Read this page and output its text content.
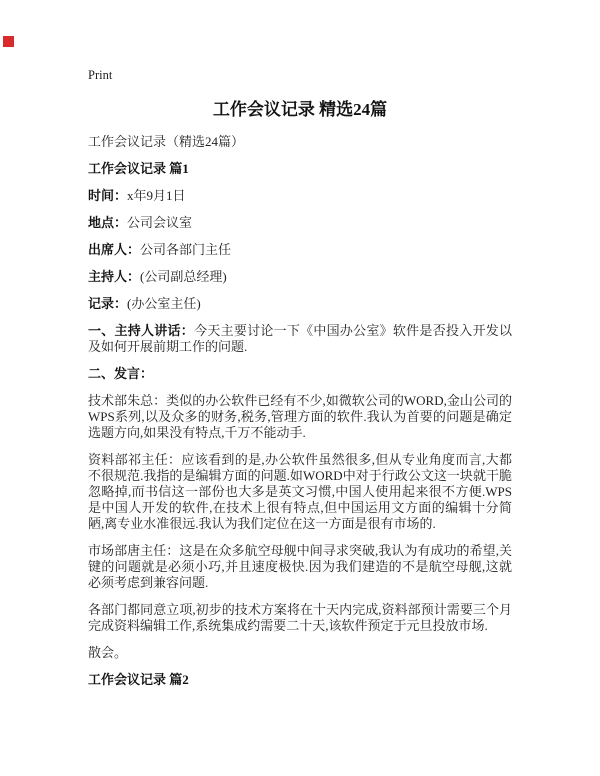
Print
工作会议记录 精选24篇

工作会议记录（精选24篇）

工作会议记录 篇1

时间：x年9月1日

地点：公司会议室

出席人：公司各部门主任

主持人：(公司副总经理)

记录：(办公室主任)

一、主持人讲话：今天主要讨论一下《中国办公室》软件是否投入开发以及如何开展前期工作的问题.

二、发言：

技术部朱总：类似的办公软件已经有不少,如微软公司的WORD,金山公司的WPS系列,以及众多的财务,税务,管理方面的软件.我认为首要的问题是确定选题方向,如果没有特点,千万不能动手.

资料部祁主任：应该看到的是,办公软件虽然很多,但从专业角度而言,大都不很规范.我指的是编辑方面的问题.如WORD中对于行政公文这一块就干脆忽略掉,而书信这一部份也大多是英文习惯,中国人使用起来很不方便.WPS是中国人开发的软件,在技术上很有特点,但中国运用文方面的编辑十分简陋,离专业水准很远.我认为我们定位在这一方面是很有市场的.

市场部唐主任：这是在众多航空母舰中间寻求突破,我认为有成功的希望,关键的问题就是必须小巧,并且速度极快.因为我们建造的不是航空母舰,这就必须考虑到兼容问题.

各部门都同意立项,初步的技术方案将在十天内完成,资料部预计需要三个月完成资料编辑工作,系统集成约需要二十天,该软件预定于元旦投放市场.

散会。

工作会议记录 篇2
